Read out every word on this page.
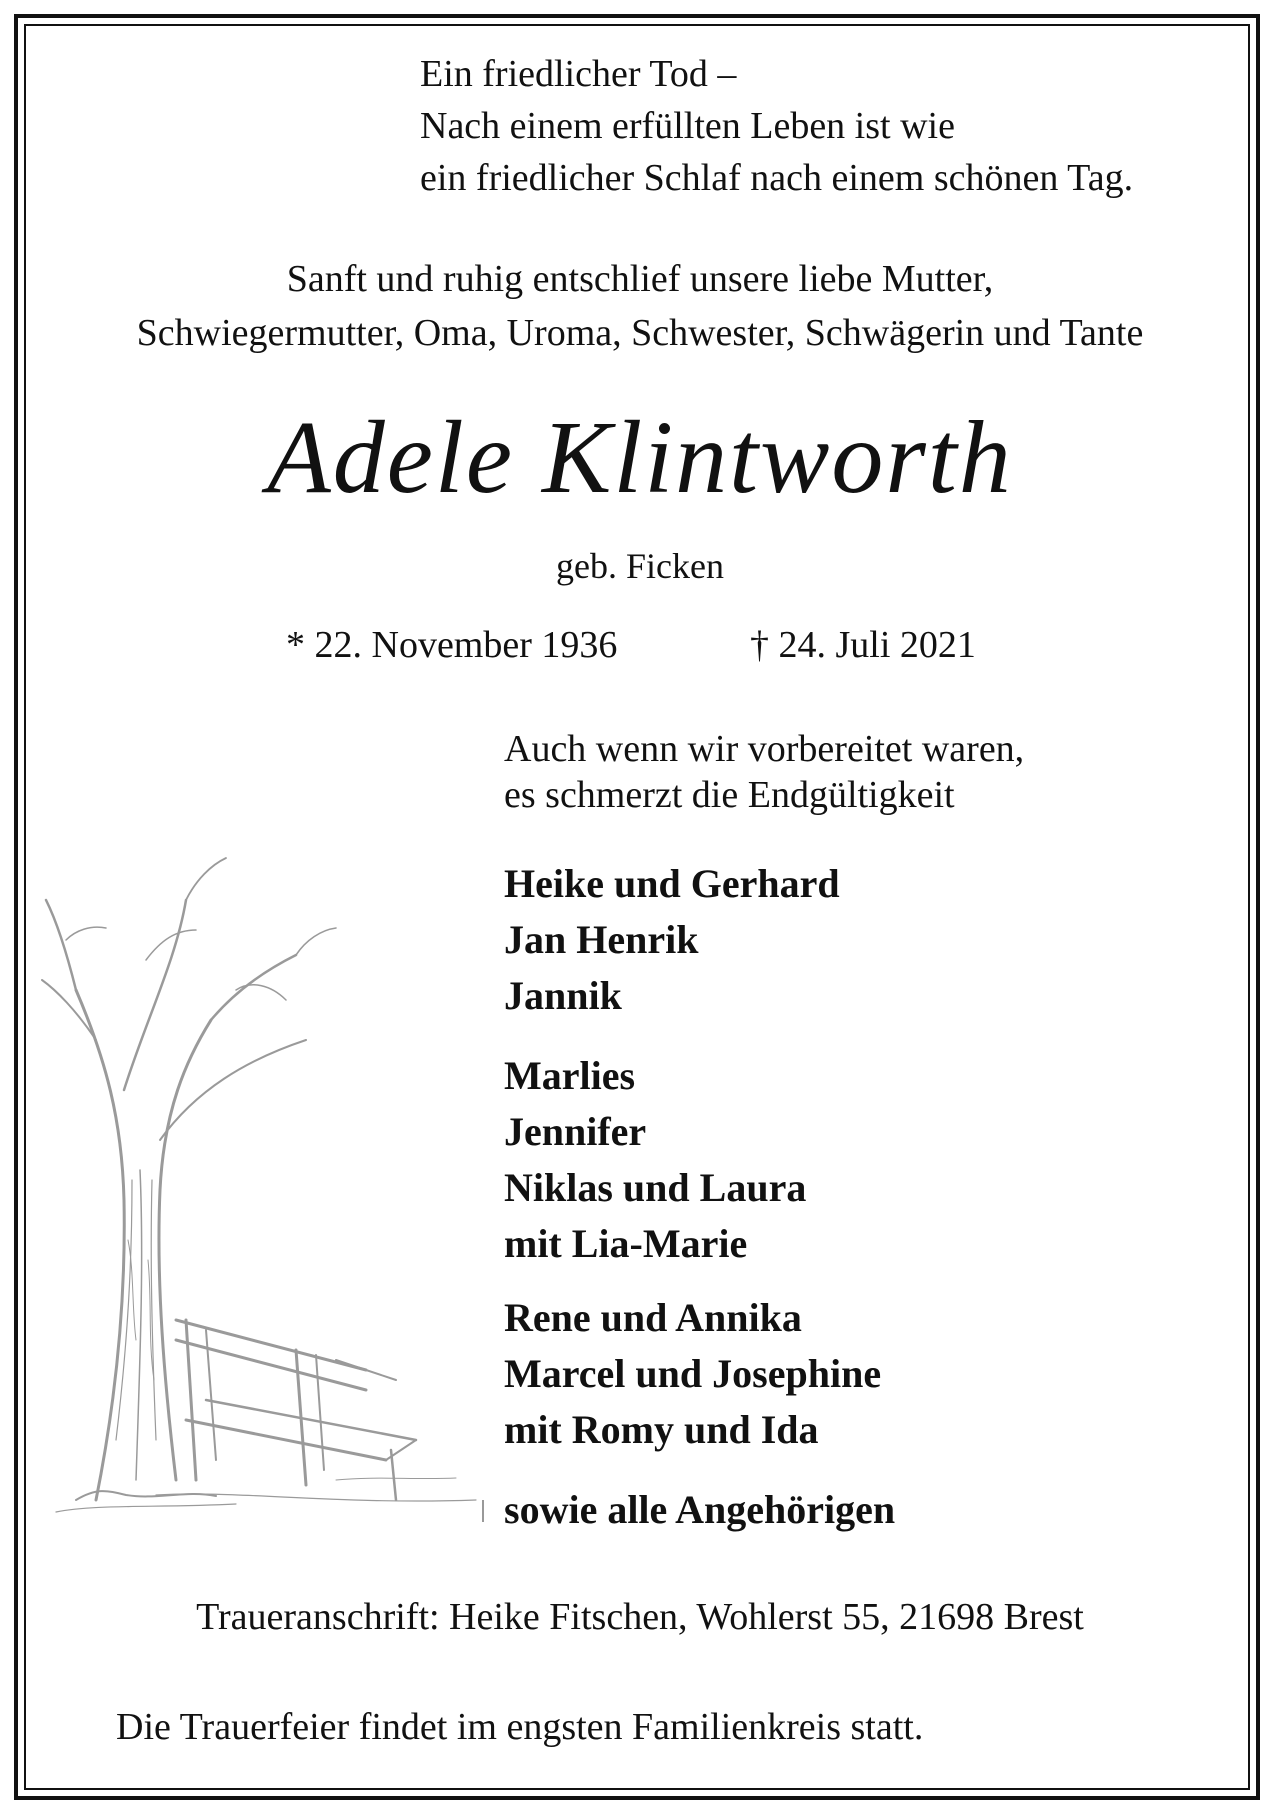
Ein friedlicher Tod –
Nach einem erfüllten Leben ist wie
ein friedlicher Schlaf nach einem schönen Tag.
Sanft und ruhig entschlief unsere liebe Mutter,
Schwiegermutter, Oma, Uroma, Schwester, Schwägerin und Tante
Adele Klintworth
geb. Ficken
* 22. November 1936	† 24. Juli 2021
Auch wenn wir vorbereitet waren,
es schmerzt die Endgültigkeit
Heike und Gerhard
Jan Henrik
Jannik
Marlies
Jennifer
Niklas und Laura
mit Lia-Marie
Rene und Annika
Marcel und Josephine
mit Romy und Ida
sowie alle Angehörigen
Traueranschrift: Heike Fitschen, Wohlerst 55, 21698 Brest
Die Trauerfeier findet im engsten Familienkreis statt.
